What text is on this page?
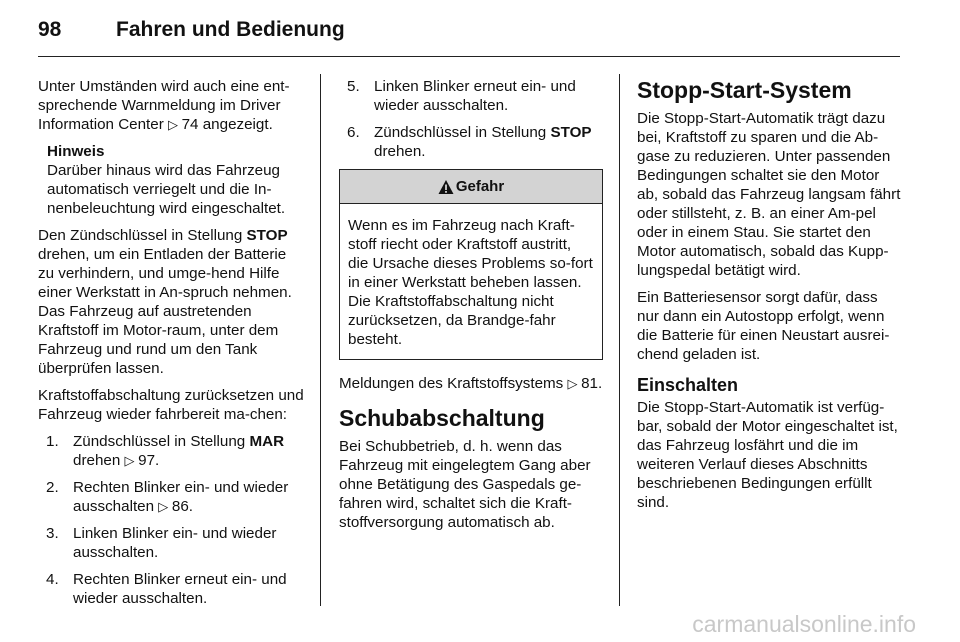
98	Fahren und Bedienung

Unter Umständen wird auch eine ent-sprechende Warnmeldung im Driver Information Center ▷ 74 angezeigt.

Hinweis
Darüber hinaus wird das Fahrzeug automatisch verriegelt und die In-nenbeleuchtung wird eingeschaltet.

Den Zündschlüssel in Stellung STOP drehen, um ein Entladen der Batterie zu verhindern, und umge-hend Hilfe einer Werkstatt in An-spruch nehmen. Das Fahrzeug auf austretenden Kraftstoff im Motor-raum, unter dem Fahrzeug und rund um den Tank überprüfen lassen.

Kraftstoffabschaltung zurücksetzen und Fahrzeug wieder fahrbereit ma-chen:

1. Zündschlüssel in Stellung MAR drehen ▷ 97.
2. Rechten Blinker ein- und wieder ausschalten ▷ 86.
3. Linken Blinker ein- und wieder ausschalten.
4. Rechten Blinker erneut ein- und wieder ausschalten.
5. Linken Blinker erneut ein- und wieder ausschalten.
6. Zündschlüssel in Stellung STOP drehen.
Gefahr
Wenn es im Fahrzeug nach Kraft-stoff riecht oder Kraftstoff austritt, die Ursache dieses Problems so-fort in einer Werkstatt beheben lassen. Die Kraftstoffabschaltung nicht zurücksetzen, da Brandge-fahr besteht.

Meldungen des Kraftstoffsystems ▷ 81.

Schubabschaltung

Bei Schubbetrieb, d. h. wenn das Fahrzeug mit eingelegtem Gang aber ohne Betätigung des Gaspedals ge-fahren wird, schaltet sich die Kraft-stoffversorgung automatisch ab.

Stopp-Start-System

Die Stopp-Start-Automatik trägt dazu bei, Kraftstoff zu sparen und die Ab-gase zu reduzieren. Unter passenden Bedingungen schaltet sie den Motor ab, sobald das Fahrzeug langsam fährt oder stillsteht, z. B. an einer Am-pel oder in einem Stau. Sie startet den Motor automatisch, sobald das Kupp-lungspedal betätigt wird.

Ein Batteriesensor sorgt dafür, dass nur dann ein Autostopp erfolgt, wenn die Batterie für einen Neustart ausrei-chend geladen ist.

Einschalten

Die Stopp-Start-Automatik ist verfüg-bar, sobald der Motor eingeschaltet ist, das Fahrzeug losfährt und die im weiteren Verlauf dieses Abschnitts beschriebenen Bedingungen erfüllt sind.

carmanualsonline.info
